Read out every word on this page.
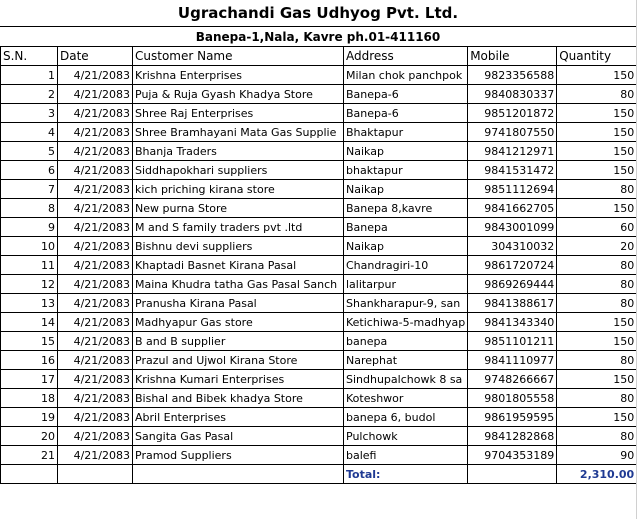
Ugrachandi Gas Udhyog Pvt. Ltd.
Banepa-1,Nala, Kavre ph.01-411160
S.N.	Date	Customer Name	Address	Mobile	Quantity
1	4/21/2083	Krishna Enterprises	Milan chok panchpok	9823356588	150
2	4/21/2083	Puja & Ruja Gyash Khadya Store	Banepa-6	9840830337	80
3	4/21/2083	Shree Raj Enterprises	Banepa-6	9851201872	150
4	4/21/2083	Shree Bramhayani Mata Gas Supplie	Bhaktapur	9741807550	150
5	4/21/2083	Bhanja Traders	Naikap	9841212971	150
6	4/21/2083	Siddhapokhari suppliers	bhaktapur	9841531472	150
7	4/21/2083	kich priching kirana store	Naikap	9851112694	80
8	4/21/2083	New purna Store	Banepa 8,kavre	9841662705	150
9	4/21/2083	M and S family traders pvt .ltd	Banepa	9843001099	60
10	4/21/2083	Bishnu devi suppliers	Naikap	304310032	20
11	4/21/2083	Khaptadi Basnet Kirana Pasal	Chandragiri-10	9861720724	80
12	4/21/2083	Maina Khudra tatha Gas Pasal Sanch	lalitarpur	9869269444	80
13	4/21/2083	Pranusha Kirana Pasal	Shankharapur-9, san	9841388617	80
14	4/21/2083	Madhyapur Gas store	Ketichiwa-5-madhyap	9841343340	150
15	4/21/2083	B and B supplier	banepa	9851101211	150
16	4/21/2083	Prazul and Ujwol Kirana Store	Narephat	9841110977	80
17	4/21/2083	Krishna Kumari Enterprises	Sindhupalchowk 8 sa	9748266667	150
18	4/21/2083	Bishal and Bibek khadya Store	Koteshwor	9801805558	80
19	4/21/2083	Abril Enterprises	banepa 6, budol	9861959595	150
20	4/21/2083	Sangita Gas Pasal	Pulchowk	9841282868	80
21	4/21/2083	Pramod Suppliers	balefi	9704353189	90
			Total:		2,310.00
